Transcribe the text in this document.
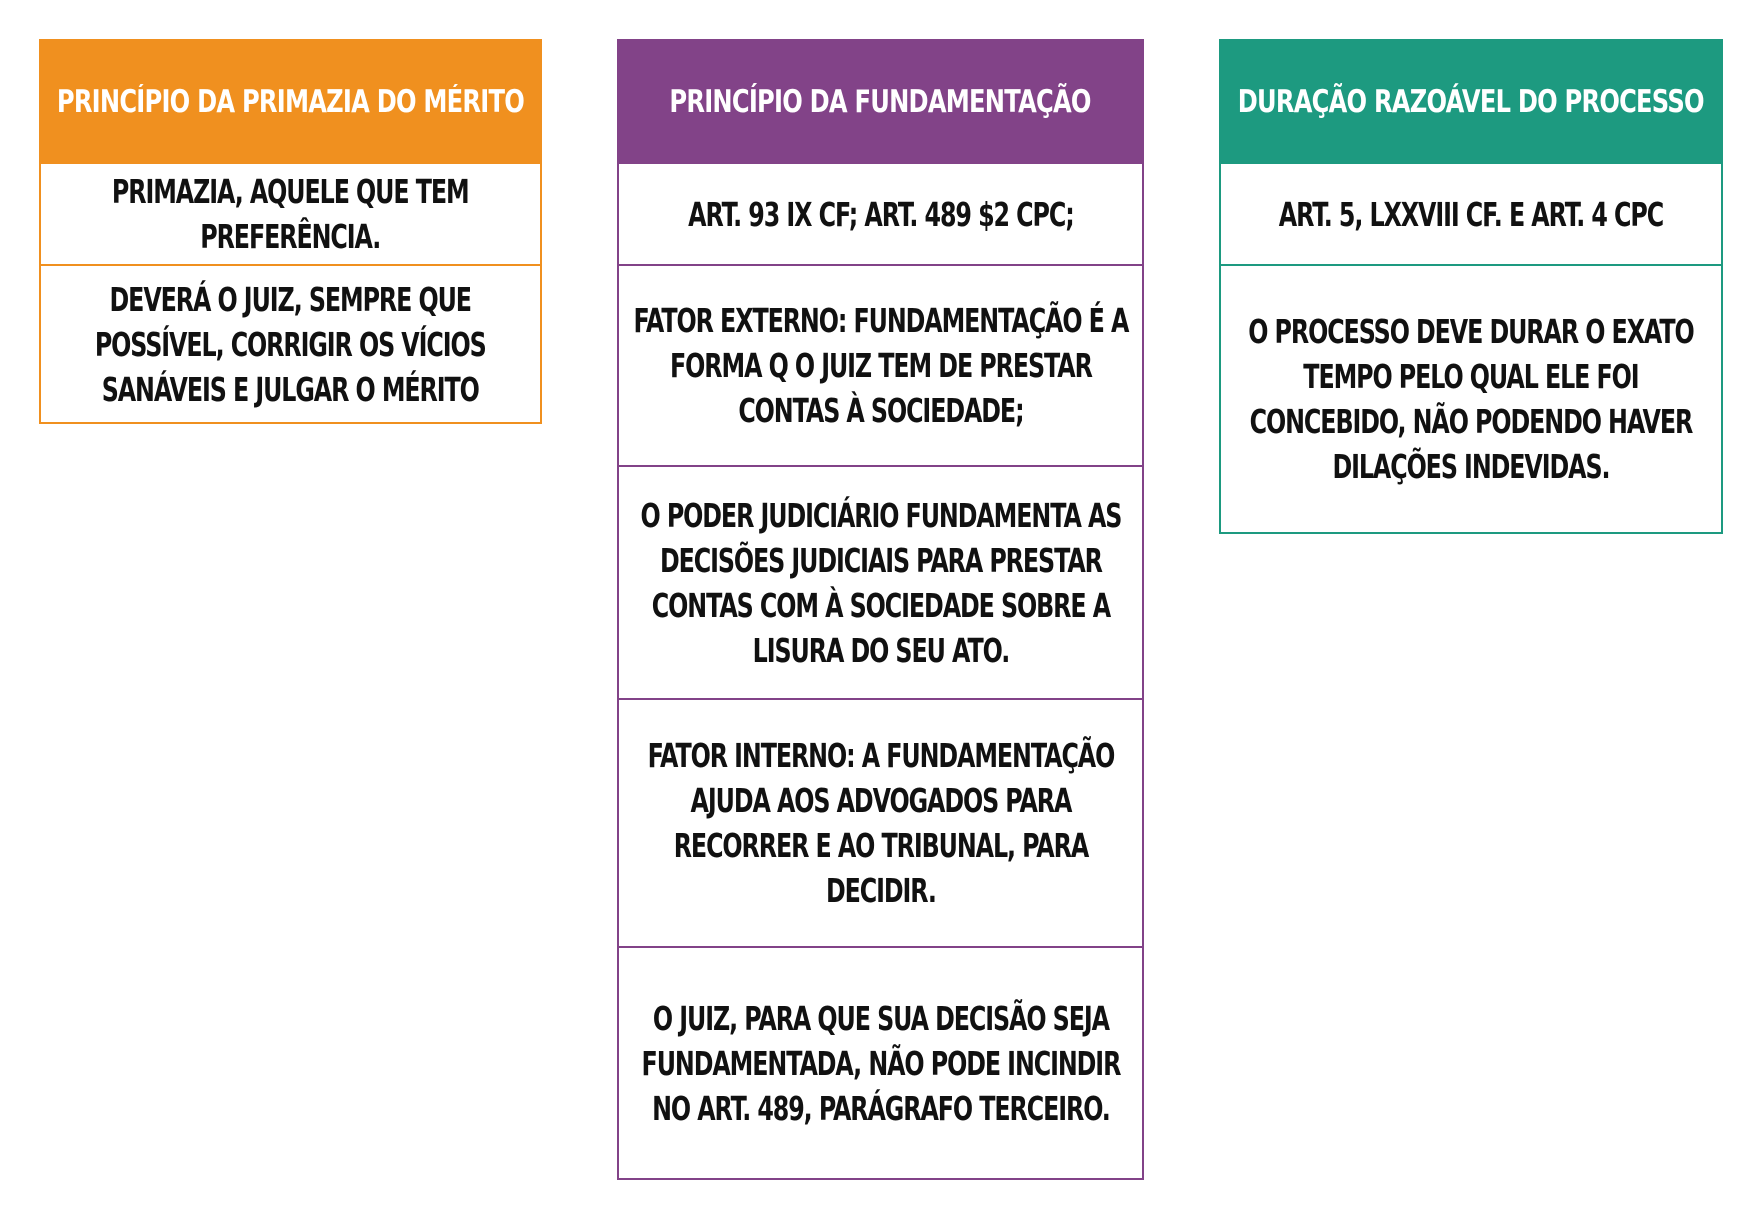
PRINCÍPIO DA PRIMAZIA DO MÉRITO
PRIMAZIA, AQUELE QUE TEM PREFERÊNCIA.
DEVERÁ O JUIZ, SEMPRE QUE POSSÍVEL, CORRIGIR OS VÍCIOS SANÁVEIS E JULGAR O MÉRITO
PRINCÍPIO DA FUNDAMENTAÇÃO
ART. 93 IX CF; ART. 489 $2 CPC;
FATOR EXTERNO: FUNDAMENTAÇÃO É A FORMA Q O JUIZ TEM DE PRESTAR CONTAS À SOCIEDADE;
O PODER JUDICIÁRIO FUNDAMENTA AS DECISÕES JUDICIAIS PARA PRESTAR CONTAS COM À SOCIEDADE SOBRE A LISURA DO SEU ATO.
FATOR INTERNO: A FUNDAMENTAÇÃO AJUDA AOS ADVOGADOS PARA RECORRER E AO TRIBUNAL, PARA DECIDIR.
O JUIZ, PARA QUE SUA DECISÃO SEJA FUNDAMENTADA, NÃO PODE INCINDIR NO ART. 489, PARÁGRAFO TERCEIRO.
DURAÇÃO RAZOÁVEL DO PROCESSO
ART. 5, LXXVIII CF. E ART. 4 CPC
O PROCESSO DEVE DURAR O EXATO TEMPO PELO QUAL ELE FOI CONCEBIDO, NÃO PODENDO HAVER DILAÇÕES INDEVIDAS.
